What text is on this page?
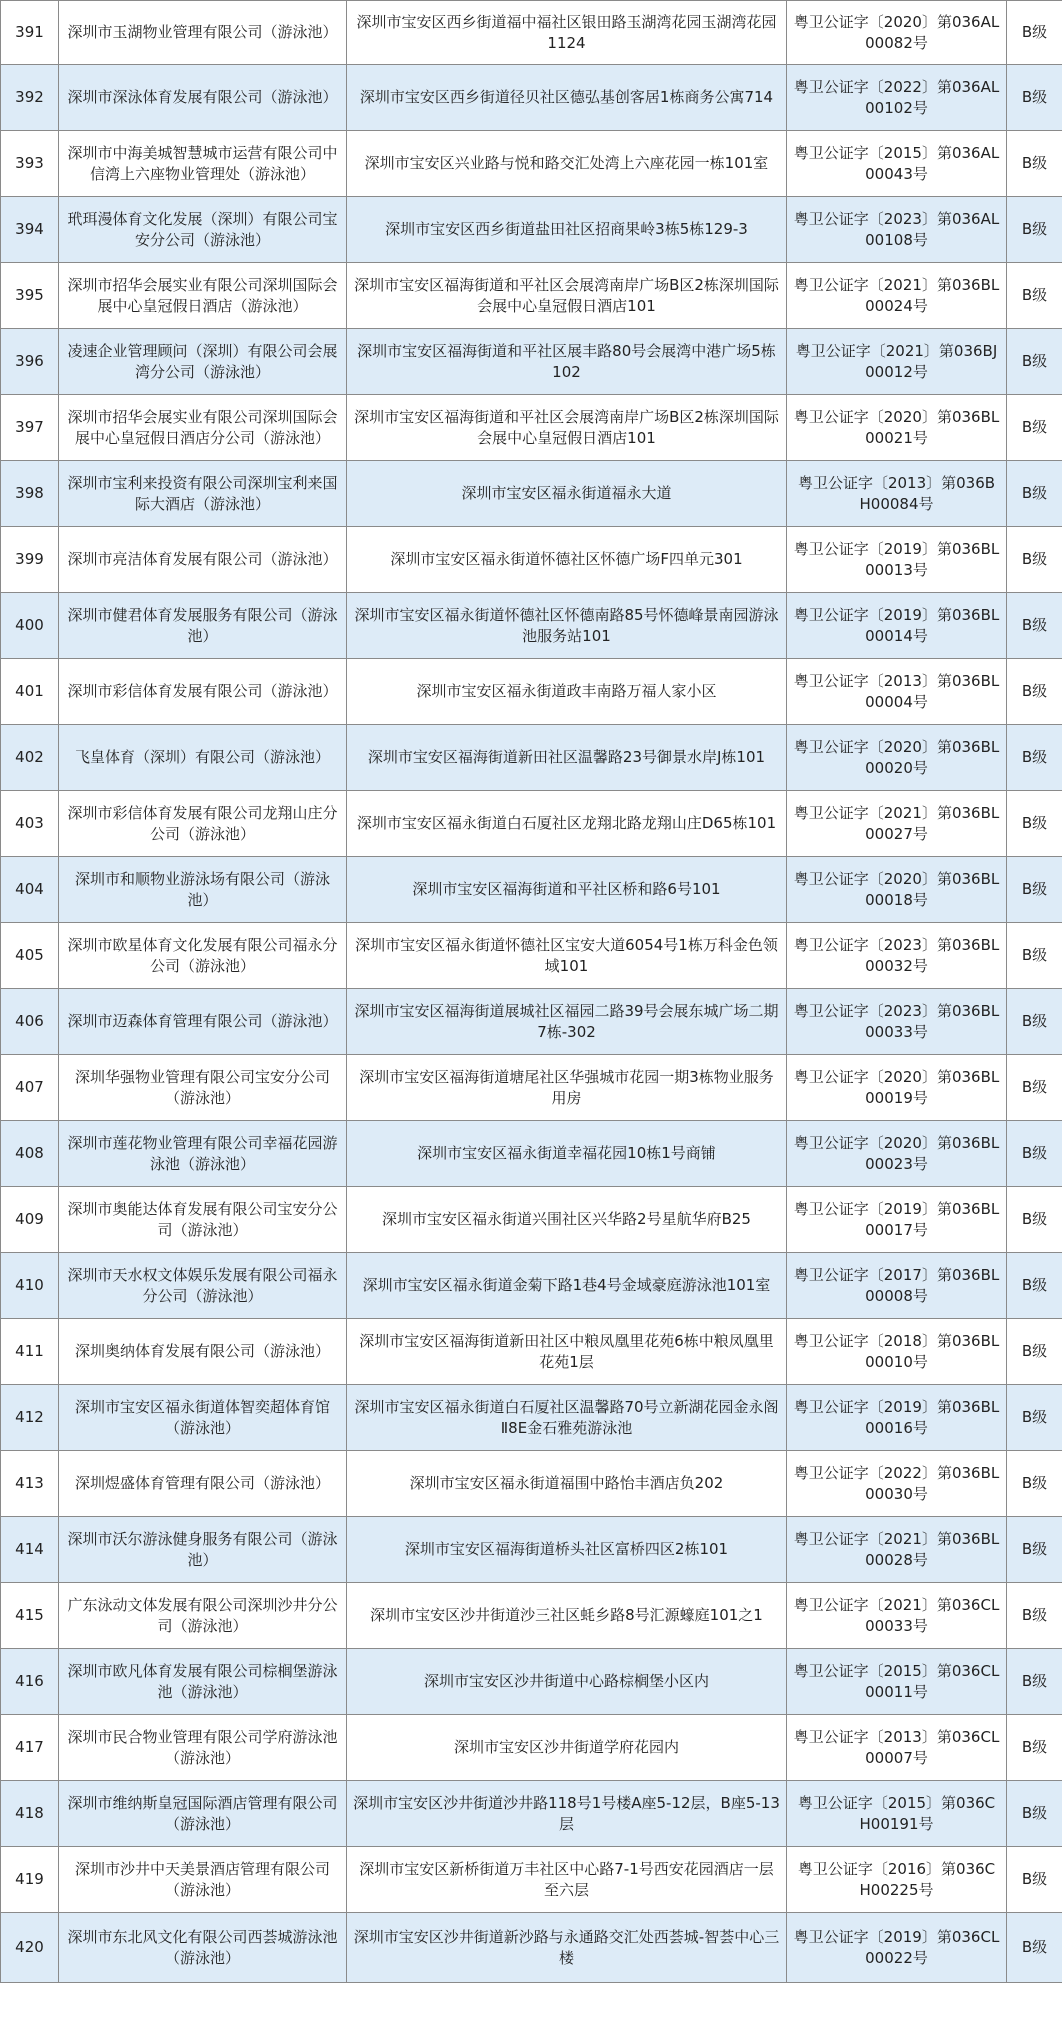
391	深圳市玉湖物业管理有限公司（游泳池）	深圳市宝安区西乡街道福中福社区银田路玉湖湾花园玉湖湾花园1124	粤卫公证字〔2020〕第036AL00082号	B级
392	深圳市深泳体育发展有限公司（游泳池）	深圳市宝安区西乡街道径贝社区德弘基创客居1栋商务公寓714	粤卫公证字〔2022〕第036AL00102号	B级
393	深圳市中海美城智慧城市运营有限公司中信湾上六座物业管理处（游泳池）	深圳市宝安区兴业路与悦和路交汇处湾上六座花园一栋101室	粤卫公证字〔2015〕第036AL00043号	B级
394	玳珥漫体育文化发展（深圳）有限公司宝安分公司（游泳池）	深圳市宝安区西乡街道盐田社区招商果岭3栋5栋129-3	粤卫公证字〔2023〕第036AL00108号	B级
395	深圳市招华会展实业有限公司深圳国际会展中心皇冠假日酒店（游泳池）	深圳市宝安区福海街道和平社区会展湾南岸广场B区2栋深圳国际会展中心皇冠假日酒店101	粤卫公证字〔2021〕第036BL00024号	B级
396	凌速企业管理顾问（深圳）有限公司会展湾分公司（游泳池）	深圳市宝安区福海街道和平社区展丰路80号会展湾中港广场5栋102	粤卫公证字〔2021〕第036BJ00012号	B级
397	深圳市招华会展实业有限公司深圳国际会展中心皇冠假日酒店分公司（游泳池）	深圳市宝安区福海街道和平社区会展湾南岸广场B区2栋深圳国际会展中心皇冠假日酒店101	粤卫公证字〔2020〕第036BL00021号	B级
398	深圳市宝利来投资有限公司深圳宝利来国际大酒店（游泳池）	深圳市宝安区福永街道福永大道	粤卫公证字〔2013〕第036BH00084号	B级
399	深圳市亮洁体育发展有限公司（游泳池）	深圳市宝安区福永街道怀德社区怀德广场F四单元301	粤卫公证字〔2019〕第036BL00013号	B级
400	深圳市健君体育发展服务有限公司（游泳池）	深圳市宝安区福永街道怀德社区怀德南路85号怀德峰景南园游泳池服务站101	粤卫公证字〔2019〕第036BL00014号	B级
401	深圳市彩信体育发展有限公司（游泳池）	深圳市宝安区福永街道政丰南路万福人家小区	粤卫公证字〔2013〕第036BL00004号	B级
402	飞皇体育（深圳）有限公司（游泳池）	深圳市宝安区福海街道新田社区温馨路23号御景水岸J栋101	粤卫公证字〔2020〕第036BL00020号	B级
403	深圳市彩信体育发展有限公司龙翔山庄分公司（游泳池）	深圳市宝安区福永街道白石厦社区龙翔北路龙翔山庄D65栋101	粤卫公证字〔2021〕第036BL00027号	B级
404	深圳市和顺物业游泳场有限公司（游泳池）	深圳市宝安区福海街道和平社区桥和路6号101	粤卫公证字〔2020〕第036BL00018号	B级
405	深圳市欧星体育文化发展有限公司福永分公司（游泳池）	深圳市宝安区福永街道怀德社区宝安大道6054号1栋万科金色领域101	粤卫公证字〔2023〕第036BL00032号	B级
406	深圳市迈森体育管理有限公司（游泳池）	深圳市宝安区福海街道展城社区福园二路39号会展东城广场二期7栋-302	粤卫公证字〔2023〕第036BL00033号	B级
407	深圳华强物业管理有限公司宝安分公司（游泳池）	深圳市宝安区福海街道塘尾社区华强城市花园一期3栋物业服务用房	粤卫公证字〔2020〕第036BL00019号	B级
408	深圳市莲花物业管理有限公司幸福花园游泳池（游泳池）	深圳市宝安区福永街道幸福花园10栋1号商铺	粤卫公证字〔2020〕第036BL00023号	B级
409	深圳市奥能达体育发展有限公司宝安分公司（游泳池）	深圳市宝安区福永街道兴围社区兴华路2号星航华府B25	粤卫公证字〔2019〕第036BL00017号	B级
410	深圳市天水权文体娱乐发展有限公司福永分公司（游泳池）	深圳市宝安区福永街道金菊下路1巷4号金域豪庭游泳池101室	粤卫公证字〔2017〕第036BL00008号	B级
411	深圳奥纳体育发展有限公司（游泳池）	深圳市宝安区福海街道新田社区中粮凤凰里花苑6栋中粮凤凰里花苑1层	粤卫公证字〔2018〕第036BL00010号	B级
412	深圳市宝安区福永街道体智奕超体育馆（游泳池）	深圳市宝安区福永街道白石厦社区温馨路70号立新湖花园金永阁Ⅱ8E金石雅苑游泳池	粤卫公证字〔2019〕第036BL00016号	B级
413	深圳煜盛体育管理有限公司（游泳池）	深圳市宝安区福永街道福围中路怡丰酒店负202	粤卫公证字〔2022〕第036BL00030号	B级
414	深圳市沃尔游泳健身服务有限公司（游泳池）	深圳市宝安区福海街道桥头社区富桥四区2栋101	粤卫公证字〔2021〕第036BL00028号	B级
415	广东泳动文体发展有限公司深圳沙井分公司（游泳池）	深圳市宝安区沙井街道沙三社区蚝乡路8号汇源蠔庭101之1	粤卫公证字〔2021〕第036CL00033号	B级
416	深圳市欧凡体育发展有限公司棕榈堡游泳池（游泳池）	深圳市宝安区沙井街道中心路棕榈堡小区内	粤卫公证字〔2015〕第036CL00011号	B级
417	深圳市民合物业管理有限公司学府游泳池（游泳池）	深圳市宝安区沙井街道学府花园内	粤卫公证字〔2013〕第036CL00007号	B级
418	深圳市维纳斯皇冠国际酒店管理有限公司（游泳池）	深圳市宝安区沙井街道沙井路118号1号楼A座5-12层，B座5-13层	粤卫公证字〔2015〕第036CH00191号	B级
419	深圳市沙井中天美景酒店管理有限公司（游泳池）	深圳市宝安区新桥街道万丰社区中心路7-1号西安花园酒店一层至六层	粤卫公证字〔2016〕第036CH00225号	B级
420	深圳市东北风文化有限公司西荟城游泳池（游泳池）	深圳市宝安区沙井街道新沙路与永通路交汇处西荟城-智荟中心三楼	粤卫公证字〔2019〕第036CL00022号	B级
